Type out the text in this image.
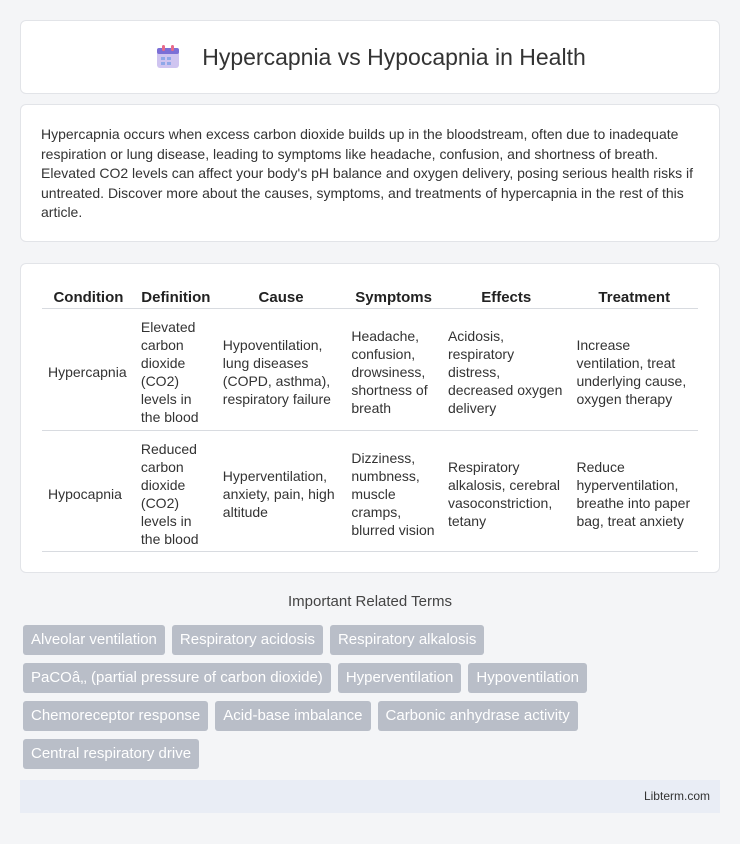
Hypercapnia vs Hypocapnia in Health

Hypercapnia occurs when excess carbon dioxide builds up in the bloodstream, often due to inadequate respiration or lung disease, leading to symptoms like headache, confusion, and shortness of breath. Elevated CO2 levels can affect your body's pH balance and oxygen delivery, posing serious health risks if untreated. Discover more about the causes, symptoms, and treatments of hypercapnia in the rest of this article.

Condition	Definition	Cause	Symptoms	Effects	Treatment
Hypercapnia	Elevated carbon dioxide (CO2) levels in the blood	Hypoventilation, lung diseases (COPD, asthma), respiratory failure	Headache, confusion, drowsiness, shortness of breath	Acidosis, respiratory distress, decreased oxygen delivery	Increase ventilation, treat underlying cause, oxygen therapy
Hypocapnia	Reduced carbon dioxide (CO2) levels in the blood	Hyperventilation, anxiety, pain, high altitude	Dizziness, numbness, muscle cramps, blurred vision	Respiratory alkalosis, cerebral vasoconstriction, tetany	Reduce hyperventilation, breathe into paper bag, treat anxiety
Important Related Terms
Alveolar ventilation	Respiratory acidosis	Respiratory alkalosis
PaCOâ‚‚ (partial pressure of carbon dioxide)	Hyperventilation	Hypoventilation
Chemoreceptor response	Acid-base imbalance	Carbonic anhydrase activity
Central respiratory drive
Libterm.com
